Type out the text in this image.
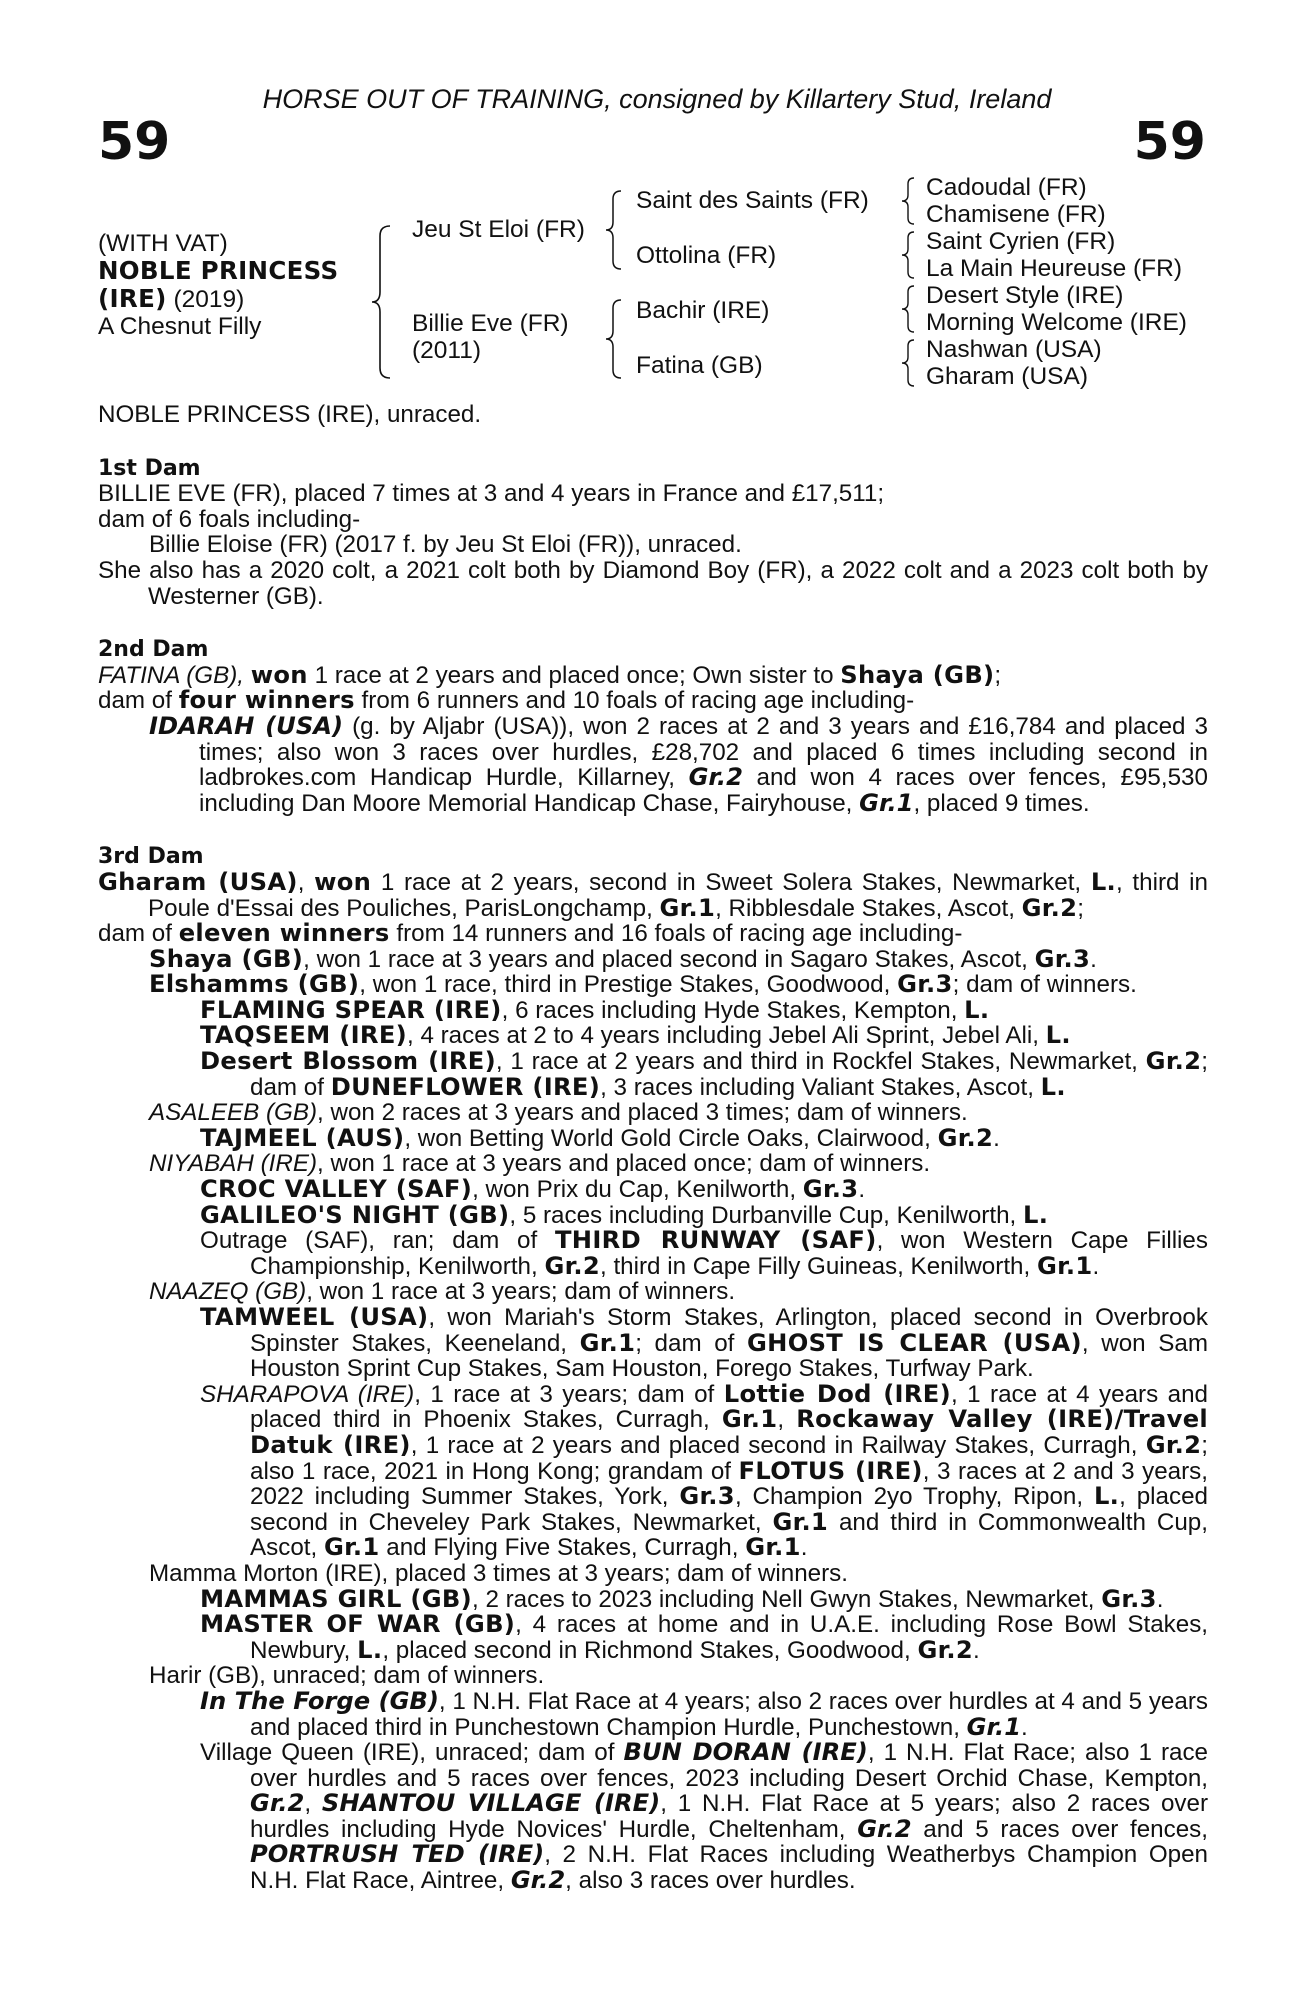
HORSE OUT OF TRAINING, consigned by Killartery Stud, Ireland
59	59
(WITH VAT)
NOBLE PRINCESS
(IRE) (2019)
A Chesnut Filly
Jeu St Eloi (FR)
Billie Eve (FR)
(2011)
Saint des Saints (FR)
Ottolina (FR)
Bachir (IRE)
Fatina (GB)
Cadoudal (FR)
Chamisene (FR)
Saint Cyrien (FR)
La Main Heureuse (FR)
Desert Style (IRE)
Morning Welcome (IRE)
Nashwan (USA)
Gharam (USA)

NOBLE PRINCESS (IRE), unraced.

1st Dam

BILLIE EVE (FR), placed 7 times at 3 and 4 years in France and £17,511;

dam of 6 foals including-

Billie Eloise (FR) (2017 f. by Jeu St Eloi (FR)), unraced.

She also has a 2020 colt, a 2021 colt both by Diamond Boy (FR), a 2022 colt and a 2023 colt both by Westerner (GB).

2nd Dam

FATINA (GB), won 1 race at 2 years and placed once; Own sister to Shaya (GB);

dam of four winners from 6 runners and 10 foals of racing age including-

IDARAH (USA) (g. by Aljabr (USA)), won 2 races at 2 and 3 years and £16,784 and placed 3 times; also won 3 races over hurdles, £28,702 and placed 6 times including second in ladbrokes.com Handicap Hurdle, Killarney, Gr.2 and won 4 races over fences, £95,530 including Dan Moore Memorial Handicap Chase, Fairyhouse, Gr.1, placed 9 times.

3rd Dam

Gharam (USA), won 1 race at 2 years, second in Sweet Solera Stakes, Newmarket, L., third in Poule d'Essai des Pouliches, ParisLongchamp, Gr.1, Ribblesdale Stakes, Ascot, Gr.2;

dam of eleven winners from 14 runners and 16 foals of racing age including-

Shaya (GB), won 1 race at 3 years and placed second in Sagaro Stakes, Ascot, Gr.3.

Elshamms (GB), won 1 race, third in Prestige Stakes, Goodwood, Gr.3; dam of winners.

FLAMING SPEAR (IRE), 6 races including Hyde Stakes, Kempton, L.

TAQSEEM (IRE), 4 races at 2 to 4 years including Jebel Ali Sprint, Jebel Ali, L.

Desert Blossom (IRE), 1 race at 2 years and third in Rockfel Stakes, Newmarket, Gr.2; dam of DUNEFLOWER (IRE), 3 races including Valiant Stakes, Ascot, L.

ASALEEB (GB), won 2 races at 3 years and placed 3 times; dam of winners.

TAJMEEL (AUS), won Betting World Gold Circle Oaks, Clairwood, Gr.2.

NIYABAH (IRE), won 1 race at 3 years and placed once; dam of winners.

CROC VALLEY (SAF), won Prix du Cap, Kenilworth, Gr.3.

GALILEO'S NIGHT (GB), 5 races including Durbanville Cup, Kenilworth, L.

Outrage (SAF), ran; dam of THIRD RUNWAY (SAF), won Western Cape Fillies Championship, Kenilworth, Gr.2, third in Cape Filly Guineas, Kenilworth, Gr.1.

NAAZEQ (GB), won 1 race at 3 years; dam of winners.

TAMWEEL (USA), won Mariah's Storm Stakes, Arlington, placed second in Overbrook Spinster Stakes, Keeneland, Gr.1; dam of GHOST IS CLEAR (USA), won Sam Houston Sprint Cup Stakes, Sam Houston, Forego Stakes, Turfway Park.

SHARAPOVA (IRE), 1 race at 3 years; dam of Lottie Dod (IRE), 1 race at 4 years and placed third in Phoenix Stakes, Curragh, Gr.1, Rockaway Valley (IRE)/Travel Datuk (IRE), 1 race at 2 years and placed second in Railway Stakes, Curragh, Gr.2; also 1 race, 2021 in Hong Kong; grandam of FLOTUS (IRE), 3 races at 2 and 3 years, 2022 including Summer Stakes, York, Gr.3, Champion 2yo Trophy, Ripon, L., placed second in Cheveley Park Stakes, Newmarket, Gr.1 and third in Commonwealth Cup, Ascot, Gr.1 and Flying Five Stakes, Curragh, Gr.1.

Mamma Morton (IRE), placed 3 times at 3 years; dam of winners.

MAMMAS GIRL (GB), 2 races to 2023 including Nell Gwyn Stakes, Newmarket, Gr.3.

MASTER OF WAR (GB), 4 races at home and in U.A.E. including Rose Bowl Stakes, Newbury, L., placed second in Richmond Stakes, Goodwood, Gr.2.

Harir (GB), unraced; dam of winners.

In The Forge (GB), 1 N.H. Flat Race at 4 years; also 2 races over hurdles at 4 and 5 years and placed third in Punchestown Champion Hurdle, Punchestown, Gr.1.

Village Queen (IRE), unraced; dam of BUN DORAN (IRE), 1 N.H. Flat Race; also 1 race over hurdles and 5 races over fences, 2023 including Desert Orchid Chase, Kempton, Gr.2, SHANTOU VILLAGE (IRE), 1 N.H. Flat Race at 5 years; also 2 races over hurdles including Hyde Novices' Hurdle, Cheltenham, Gr.2 and 5 races over fences, PORTRUSH TED (IRE), 2 N.H. Flat Races including Weatherbys Champion Open N.H. Flat Race, Aintree, Gr.2, also 3 races over hurdles.
